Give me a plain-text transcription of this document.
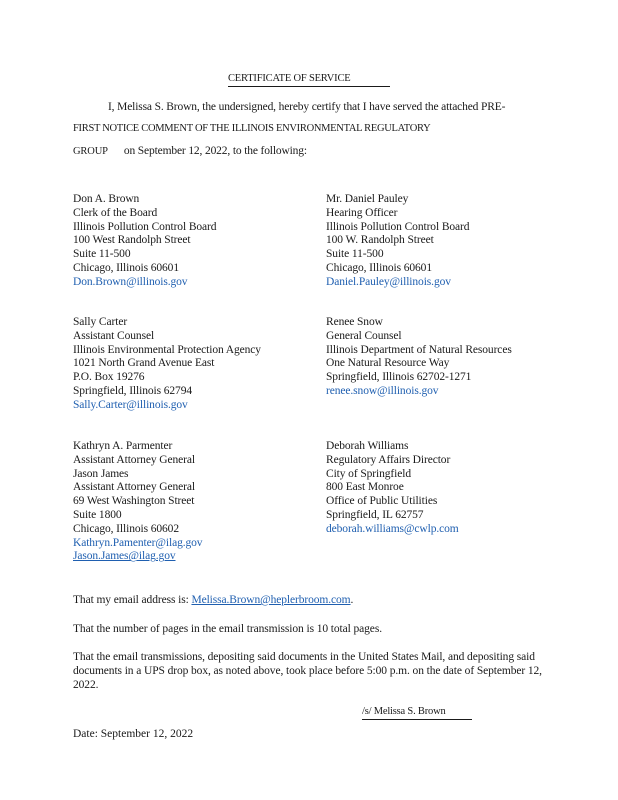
CERTIFICATE OF SERVICE
I, Melissa S. Brown, the undersigned, hereby certify that I have served the attached PRE-
FIRST NOTICE COMMENT OF THE ILLINOIS ENVIRONMENTAL REGULATORY
GROUP on September 12, 2022, to the following:
Don A. Brown
Clerk of the Board
Illinois Pollution Control Board
100 West Randolph Street
Suite 11-500
Chicago, Illinois 60601
Don.Brown@illinois.gov
Mr. Daniel Pauley
Hearing Officer
Illinois Pollution Control Board
100 W. Randolph Street
Suite 11-500
Chicago, Illinois 60601
Daniel.Pauley@illinois.gov
Sally Carter
Assistant Counsel
Illinois Environmental Protection Agency
1021 North Grand Avenue East
P.O. Box 19276
Springfield, Illinois 62794
Sally.Carter@illinois.gov
Renee Snow
General Counsel
Illinois Department of Natural Resources
One Natural Resource Way
Springfield, Illinois 62702-1271
renee.snow@illinois.gov
Kathryn A. Parmenter
Assistant Attorney General
Jason James
Assistant Attorney General
69 West Washington Street
Suite 1800
Chicago, Illinois 60602
Kathryn.Pamenter@ilag.gov
Jason.James@ilag.gov
Deborah Williams
Regulatory Affairs Director
City of Springfield
800 East Monroe
Office of Public Utilities
Springfield, IL 62757
deborah.williams@cwlp.com
That my email address is: Melissa.Brown@heplerbroom.com.
That the number of pages in the email transmission is 10 total pages.
That the email transmissions, depositing said documents in the United States Mail, and depositing said documents in a UPS drop box, as noted above, took place before 5:00 p.m. on the date of September 12, 2022.
/s/ Melissa S. Brown
Date: September 12, 2022
